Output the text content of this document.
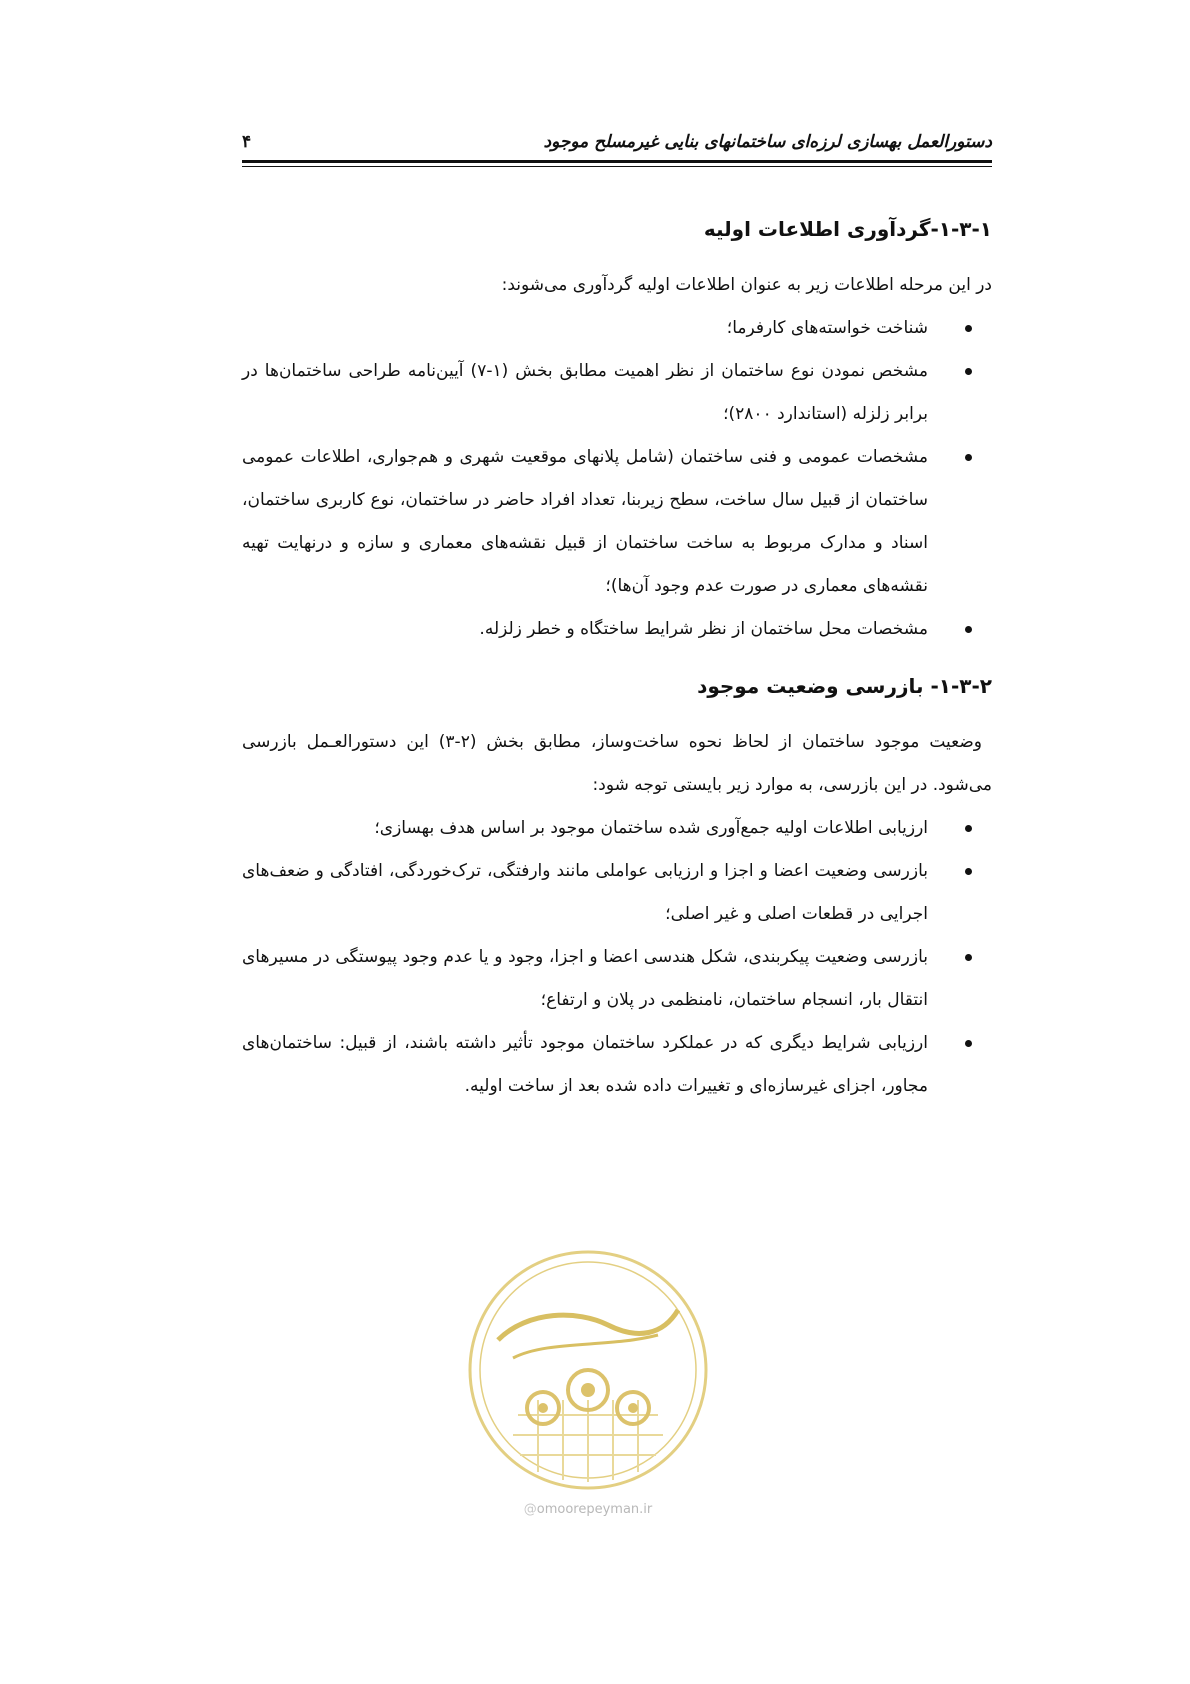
دستورالعمل بهسازی لرزه‌ای ساختمانهای بنایی غیرمسلح موجود
۴
۱-۳-۱-گردآوری اطلاعات اولیه

در این مرحله اطلاعات زیر به عنوان اطلاعات اولیه گردآوری می‌شوند:

شناخت خواسته‌های کارفرما؛
مشخص نمودن نوع ساختمان از نظر اهمیت مطابق بخش (۱-۷) آیین‌نامه طراحی ساختمان‌ها در برابر زلزله (استاندارد ۲۸۰۰)؛
مشخصات عمومی و فنی ساختمان (شامل پلانهای موقعیت شهری و هم‌جواری، اطلاعات عمومی ساختمان از قبیل سال ساخت، سطح زیربنا، تعداد افراد حاضر در ساختمان، نوع کاربری ساختمان، اسناد و مدارک مربوط به ساخت ساختمان از قبیل نقشه‌های معماری و سازه و درنهایت تهیه نقشه‌های معماری در صورت عدم وجود آن‌ها)؛
مشخصات محل ساختمان از نظر شرایط ساختگاه و خطر زلزله.
۱-۳-۲- بازرسی وضعیت موجود

وضعیت موجود ساختمان از لحاظ نحوه ساخت‌وساز، مطابق بخش (۲-۳) این دستورالعـمل بازرسی می‌شود. در این بازرسی، به موارد زیر بایستی توجه شود:

ارزیابی اطلاعات اولیه جمع‌آوری شده ساختمان موجود بر اساس هدف بهسازی؛
بازرسی وضعیت اعضا و اجزا و ارزیابی عواملی مانند وارفتگی، ترک‌خوردگی، افتادگی و ضعف‌های اجرایی در قطعات اصلی و غیر اصلی؛
بازرسی وضعیت پیکربندی، شکل هندسی اعضا و اجزا، وجود و یا عدم وجود پیوستگی در مسیرهای انتقال بار، انسجام ساختمان، نامنظمی در پلان و ارتفاع؛
ارزیابی شرایط دیگری که در عملکرد ساختمان موجود تأثیر داشته باشند، از قبیل: ساختمان‌های مجاور، اجزای غیرسازه‌ای و تغییرات داده شده بعد از ساخت اولیه.
@omoorepeyman.ir
